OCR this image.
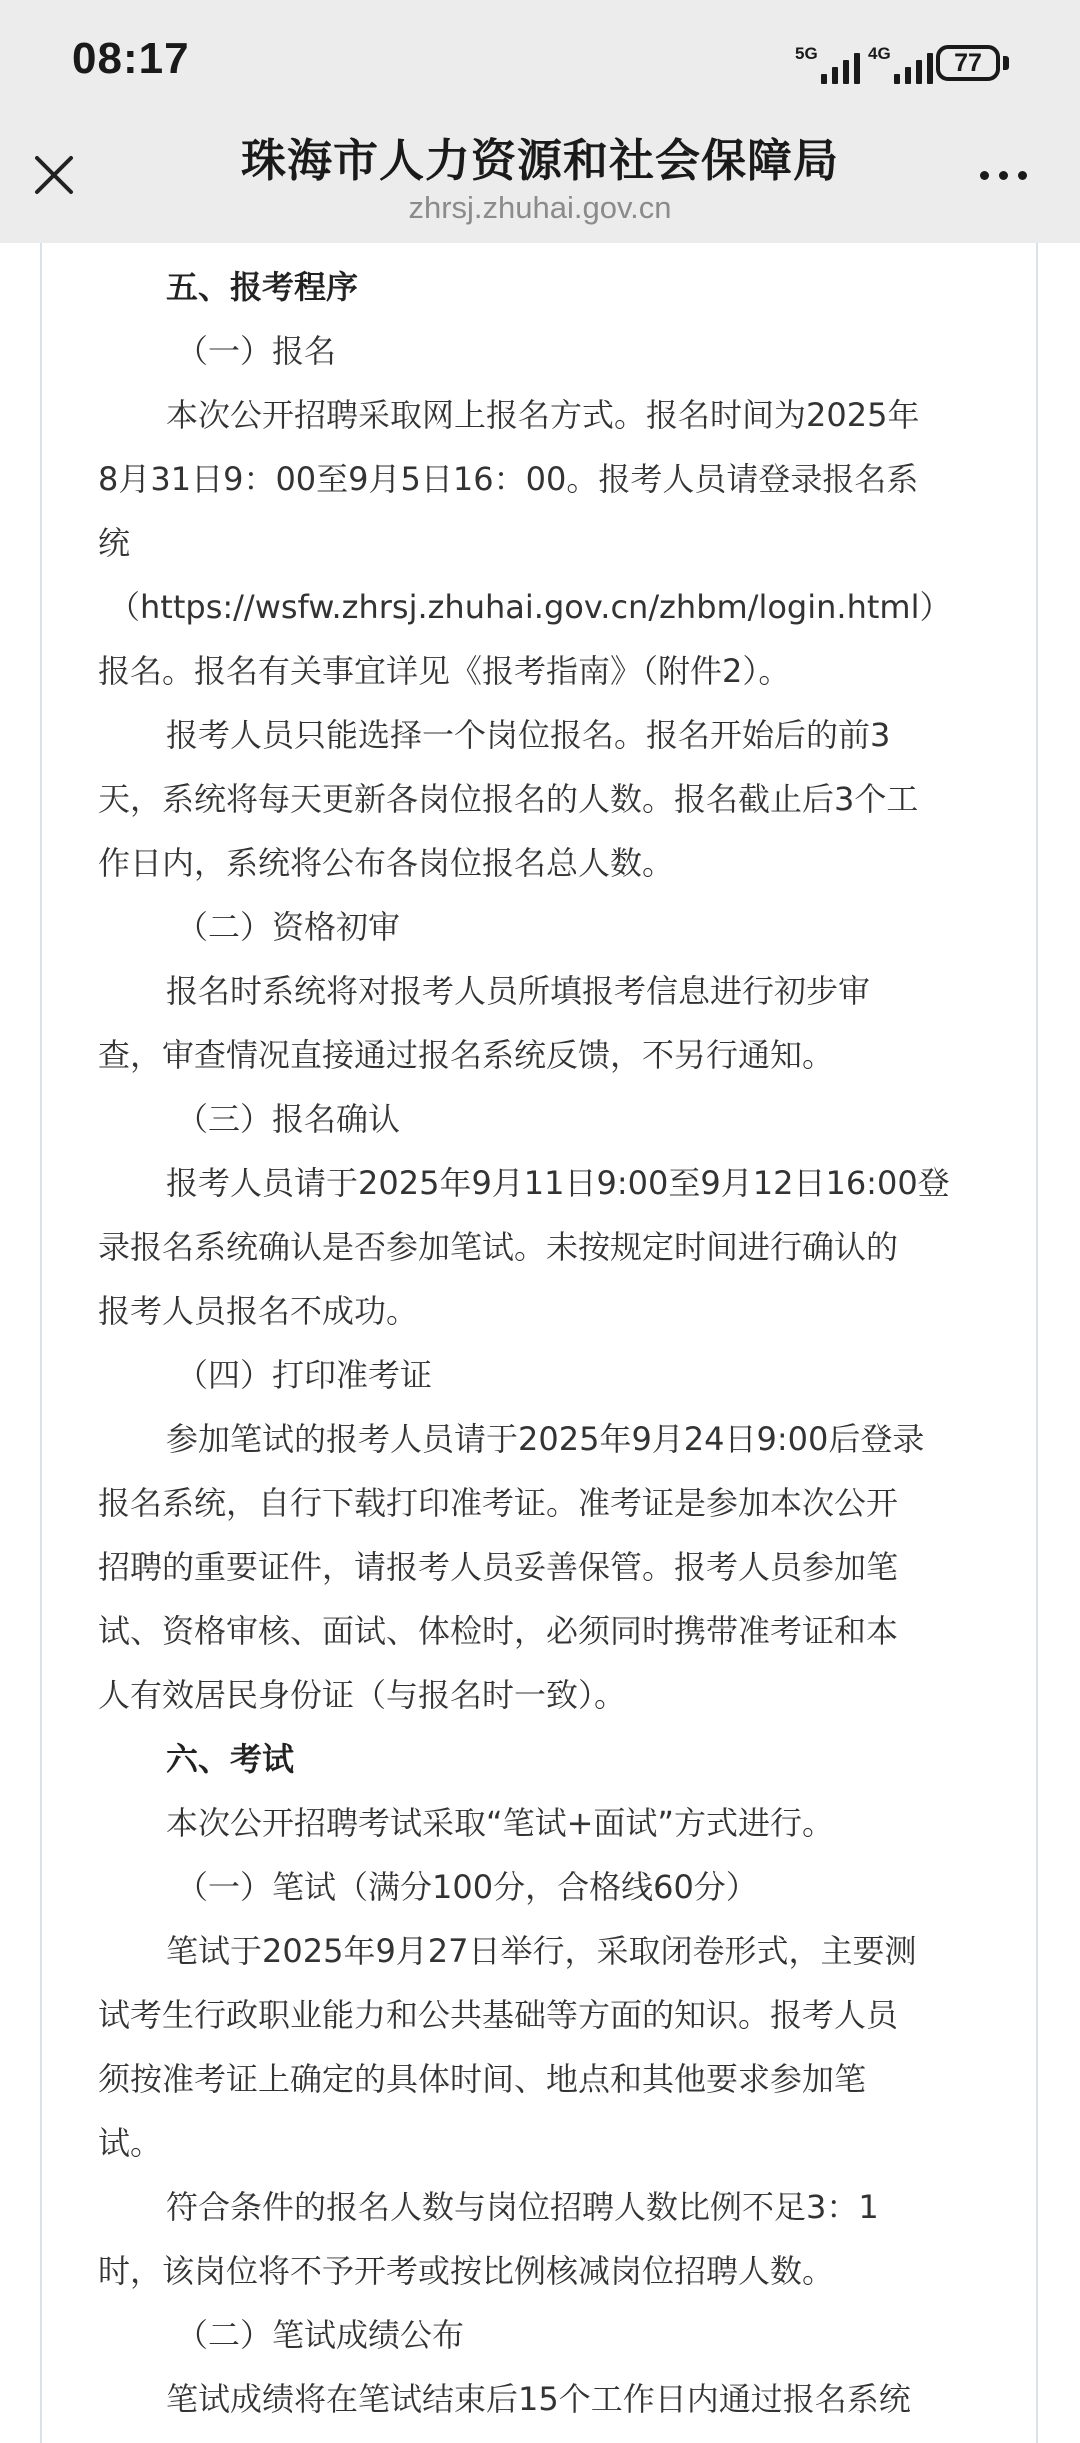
08:17	5G	4G	77
珠海市人力资源和社会保障局
zhrsj.zhuhai.gov.cn

五、报考程序

（一）报名

本次公开招聘采取网上报名方式。报名时间为2025年

8月31日9：00至9月5日16：00。报考人员请登录报名系

统

（https://wsfw.zhrsj.zhuhai.gov.cn/zhbm/login.html）

报名。报名有关事宜详见《报考指南》（附件2）。

报考人员只能选择一个岗位报名。报名开始后的前3

天，系统将每天更新各岗位报名的人数。报名截止后3个工

作日内，系统将公布各岗位报名总人数。

（二）资格初审

报名时系统将对报考人员所填报考信息进行初步审

查，审查情况直接通过报名系统反馈，不另行通知。

（三）报名确认

报考人员请于2025年9月11日9:00至9月12日16:00登

录报名系统确认是否参加笔试。未按规定时间进行确认的

报考人员报名不成功。

（四）打印准考证

参加笔试的报考人员请于2025年9月24日9:00后登录

报名系统，自行下载打印准考证。准考证是参加本次公开

招聘的重要证件，请报考人员妥善保管。报考人员参加笔

试、资格审核、面试、体检时，必须同时携带准考证和本

人有效居民身份证（与报名时一致）。

六、考试

本次公开招聘考试采取“笔试+面试”方式进行。

（一）笔试（满分100分，合格线60分）

笔试于2025年9月27日举行，采取闭卷形式，主要测

试考生行政职业能力和公共基础等方面的知识。报考人员

须按准考证上确定的具体时间、地点和其他要求参加笔

试。

符合条件的报名人数与岗位招聘人数比例不足3：1

时，该岗位将不予开考或按比例核减岗位招聘人数。

（二）笔试成绩公布

笔试成绩将在笔试结束后15个工作日内通过报名系统
